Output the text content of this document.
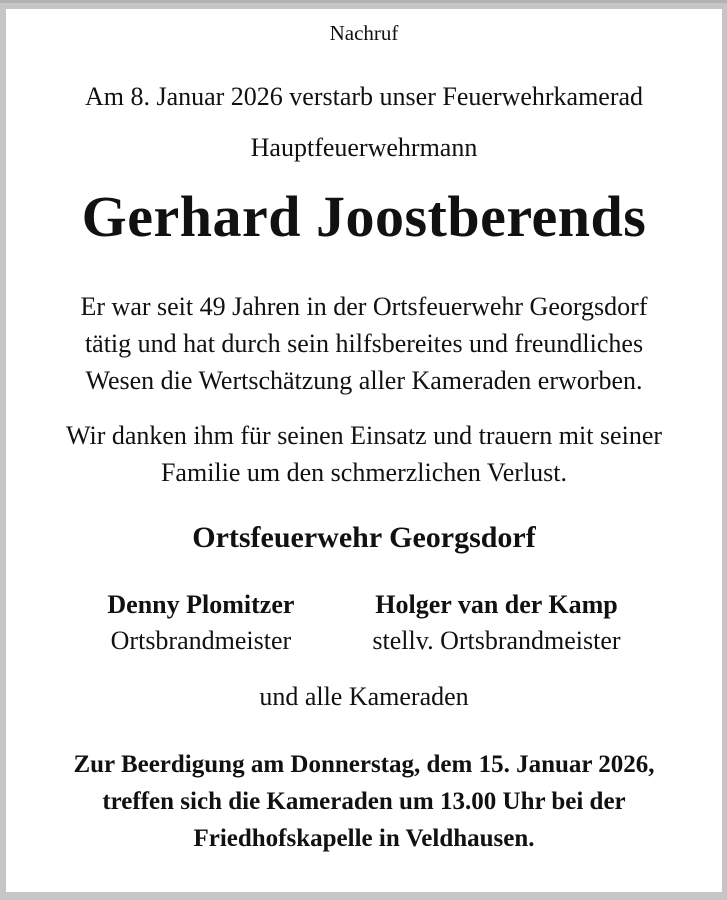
Nachruf
Am 8. Januar 2026 verstarb unser Feuerwehrkamerad
Hauptfeuerwehrmann
Gerhard Joostberends
Er war seit 49 Jahren in der Ortsfeuerwehr Georgsdorf
tätig und hat durch sein hilfsbereites und freundliches
Wesen die Wertschätzung aller Kameraden erworben.
Wir danken ihm für seinen Einsatz und trauern mit seiner
Familie um den schmerzlichen Verlust.
Ortsfeuerwehr Georgsdorf
Denny Plomitzer
Ortsbrandmeister
Holger van der Kamp
stellv. Ortsbrandmeister
und alle Kameraden
Zur Beerdigung am Donnerstag, dem 15. Januar 2026,
treffen sich die Kameraden um 13.00 Uhr bei der
Friedhofskapelle in Veldhausen.
